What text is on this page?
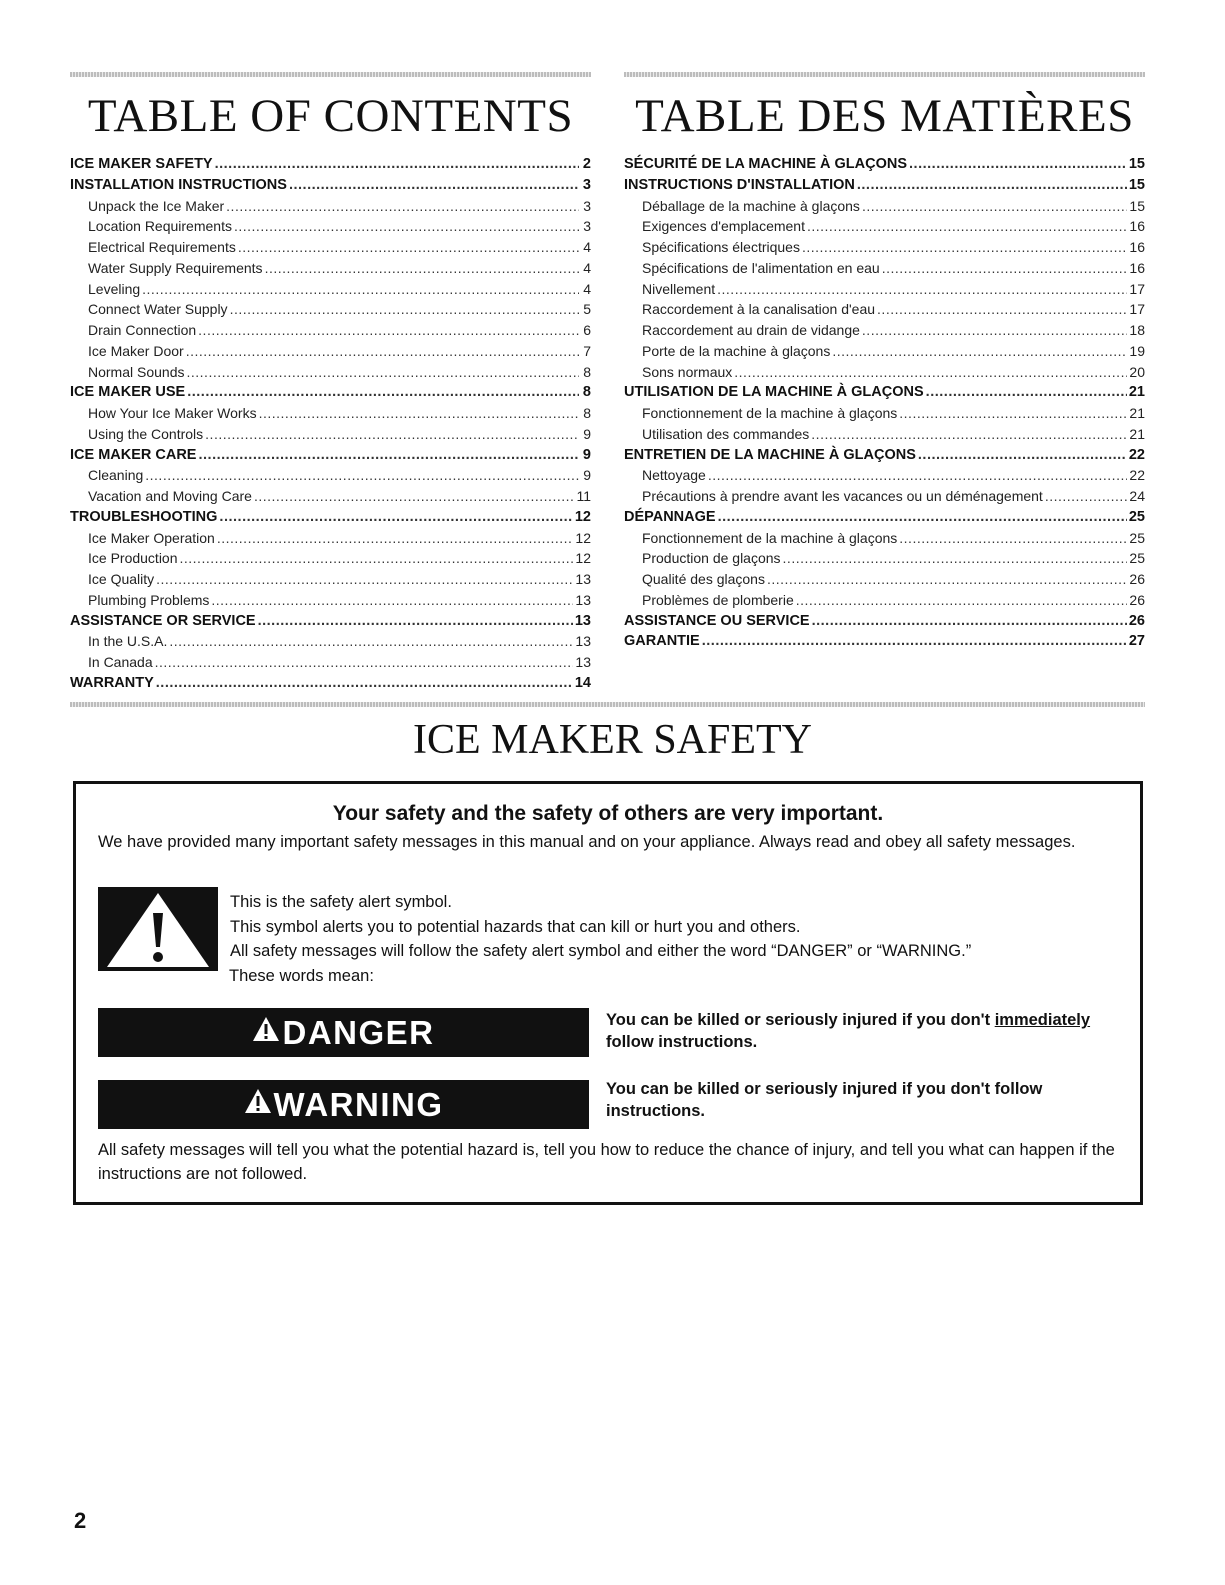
TABLE OF CONTENTS
ICE MAKER SAFETY .....	2
INSTALLATION INSTRUCTIONS .....	3
Unpack the Ice Maker .....	3
Location Requirements .....	3
Electrical Requirements .....	4
Water Supply Requirements .....	4
Leveling .....	4
Connect Water Supply .....	5
Drain Connection .....	6
Ice Maker Door .....	7
Normal Sounds .....	8
ICE MAKER USE .....	8
How Your Ice Maker Works .....	8
Using the Controls .....	9
ICE MAKER CARE .....	9
Cleaning .....	9
Vacation and Moving Care .....	11
TROUBLESHOOTING .....	12
Ice Maker Operation .....	12
Ice Production .....	12
Ice Quality .....	13
Plumbing Problems .....	13
ASSISTANCE OR SERVICE .....	13
In the U.S.A. .....	13
In Canada .....	13
WARRANTY .....	14
TABLE DES MATIÈRES
SÉCURITÉ DE LA MACHINE À GLAÇONS .....	15
INSTRUCTIONS D'INSTALLATION .....	15
Déballage de la machine à glaçons .....	15
Exigences d'emplacement .....	16
Spécifications électriques .....	16
Spécifications de l'alimentation en eau .....	16
Nivellement .....	17
Raccordement à la canalisation d'eau .....	17
Raccordement au drain de vidange .....	18
Porte de la machine à glaçons .....	19
Sons normaux .....	20
UTILISATION DE LA MACHINE À GLAÇONS .....	21
Fonctionnement de la machine à glaçons .....	21
Utilisation des commandes .....	21
ENTRETIEN DE LA MACHINE À GLAÇONS .....	22
Nettoyage .....	22
Précautions à prendre avant les vacances ou un déménagement .....	24
DÉPANNAGE .....	25
Fonctionnement de la machine à glaçons .....	25
Production de glaçons .....	25
Qualité des glaçons .....	26
Problèmes de plomberie .....	26
ASSISTANCE OU SERVICE .....	26
GARANTIE .....	27
ICE MAKER SAFETY
Your safety and the safety of others are very important.
We have provided many important safety messages in this manual and on your appliance. Always read and obey all safety messages.
This is the safety alert symbol.
This symbol alerts you to potential hazards that can kill or hurt you and others.
All safety messages will follow the safety alert symbol and either the word “DANGER” or “WARNING.”
These words mean:
DANGER	You can be killed or seriously injured if you don't immediately follow instructions.
WARNING	You can be killed or seriously injured if you don't follow instructions.
All safety messages will tell you what the potential hazard is, tell you how to reduce the chance of injury, and tell you what can happen if the instructions are not followed.
2
